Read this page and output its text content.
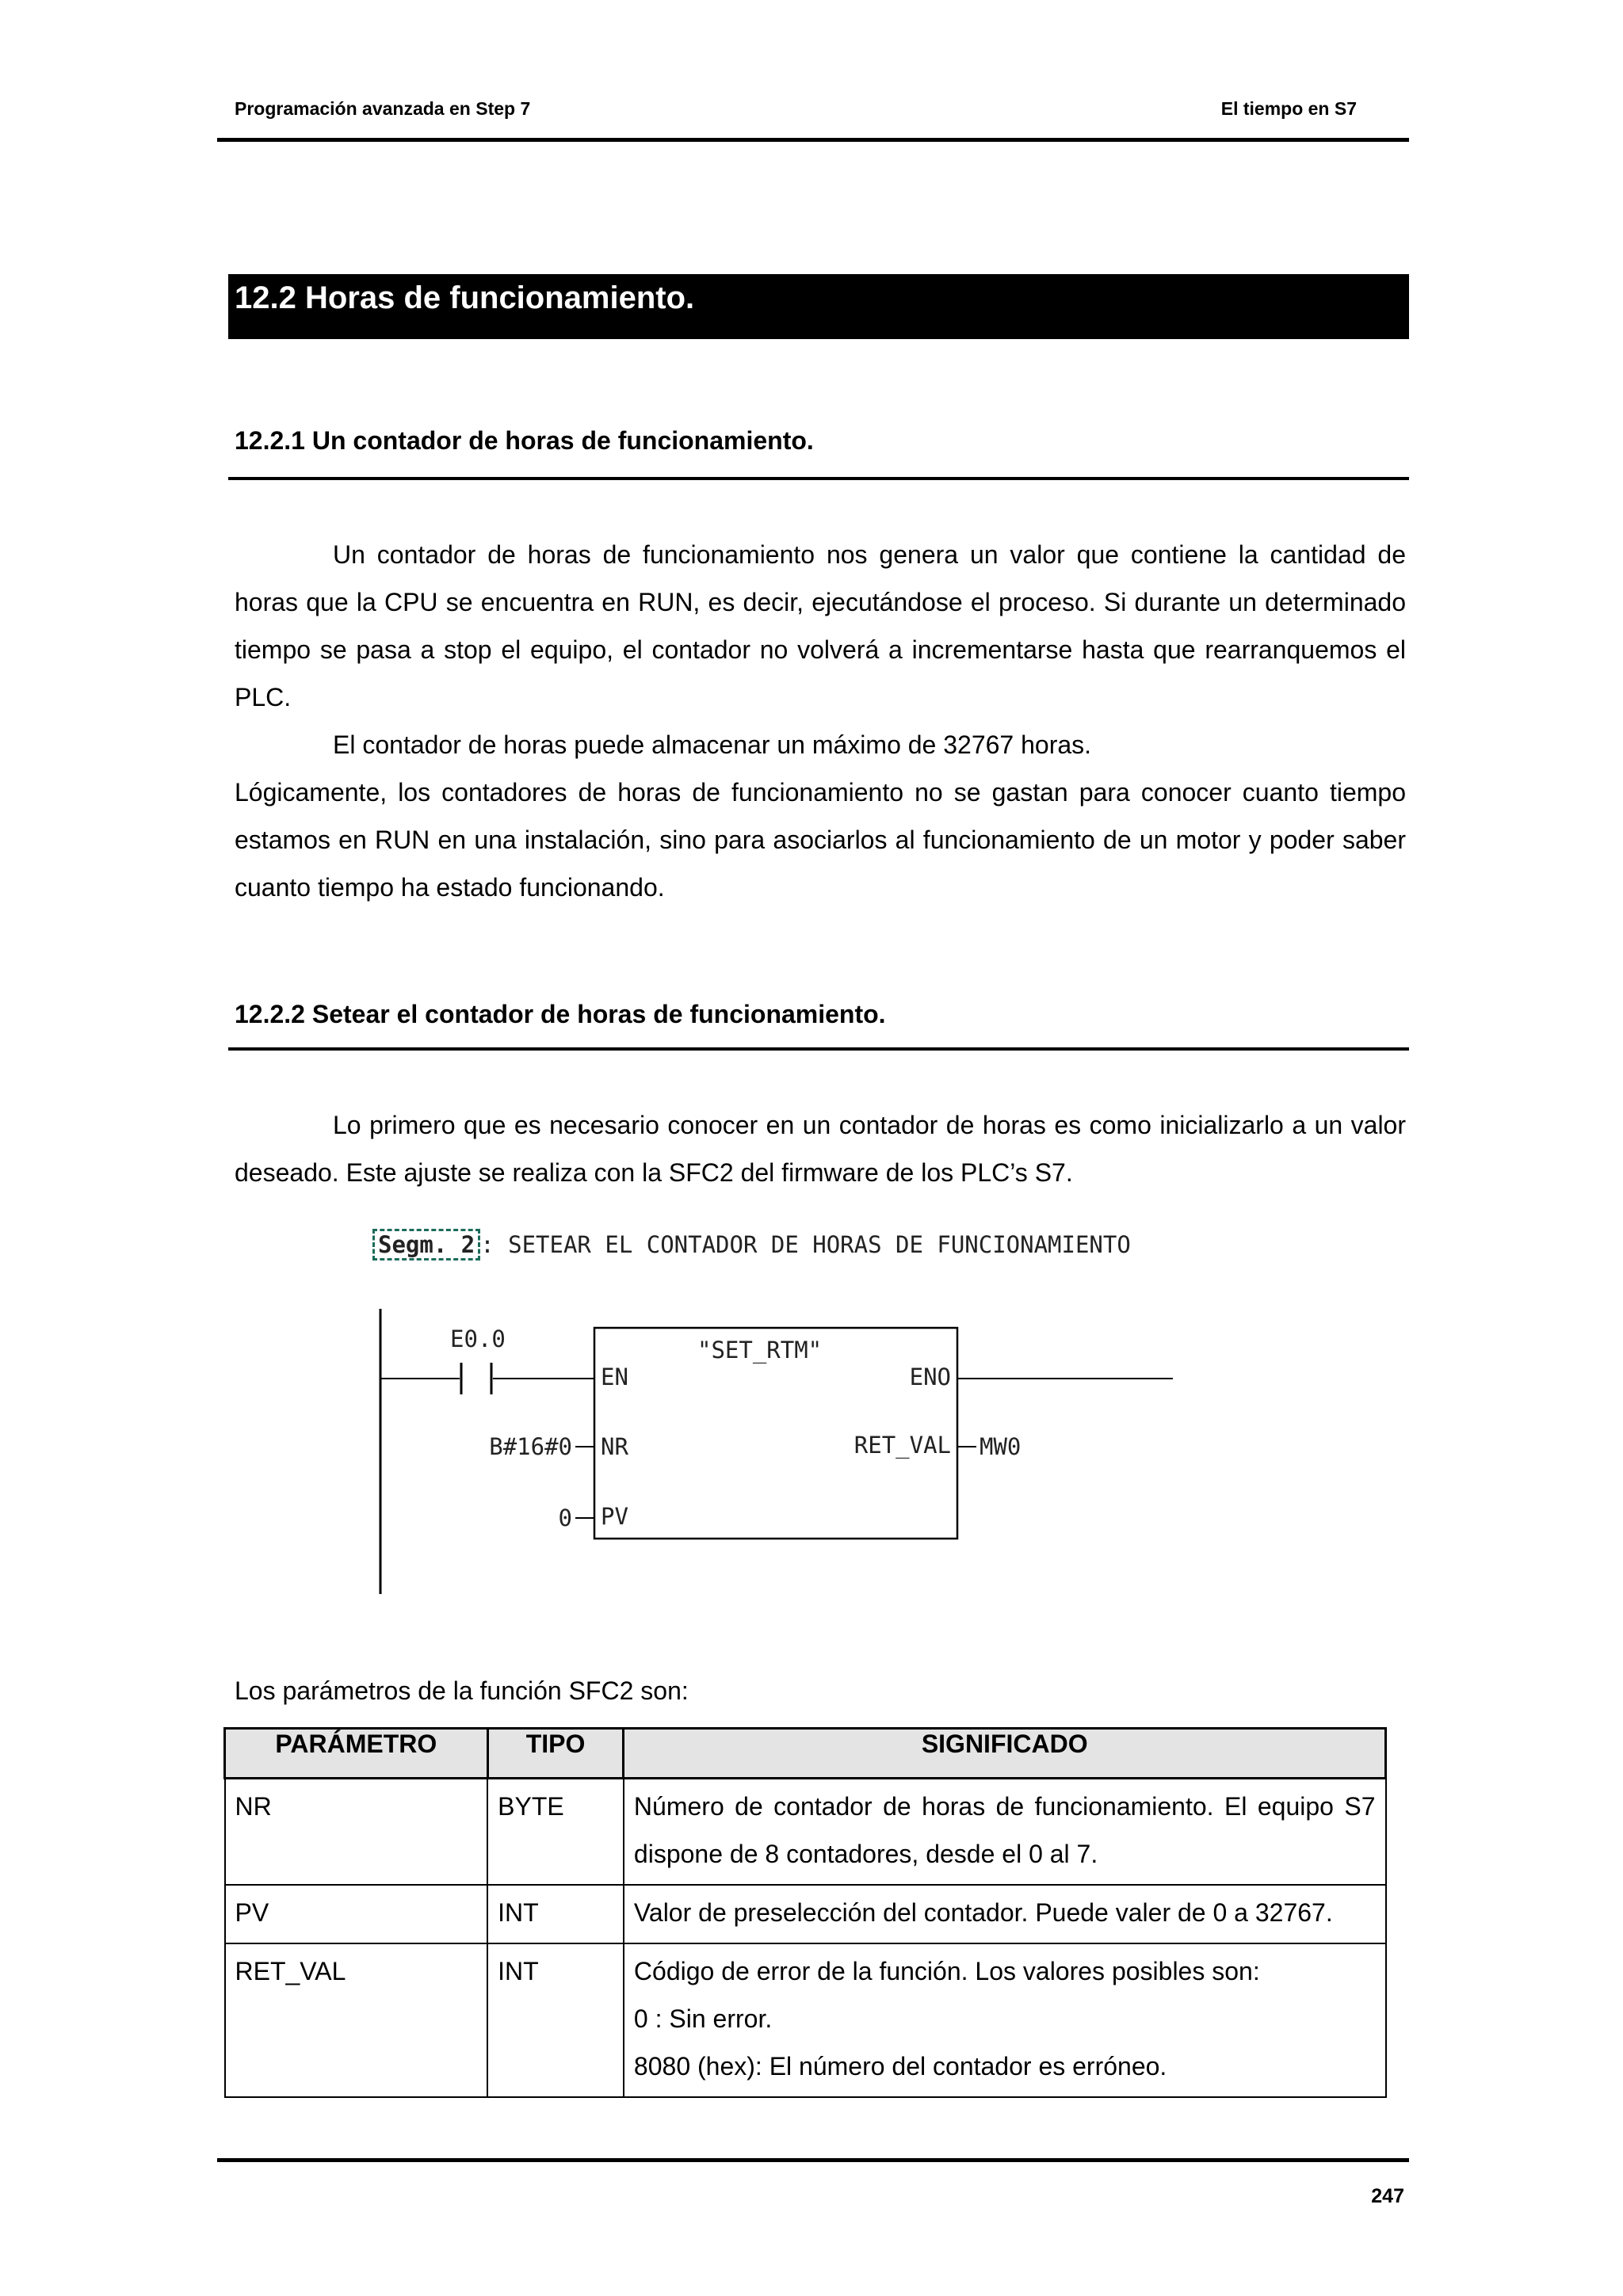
Programación avanzada en Step 7	El tiempo en S7
12.2 Horas de funcionamiento.
12.2.1 Un contador de horas de funcionamiento.

Un contador de horas de funcionamiento nos genera un valor que contiene la cantidad de horas que la CPU se encuentra en RUN, es decir, ejecutándose el proceso. Si durante un determinado tiempo se pasa a stop el equipo, el contador no volverá a incrementarse hasta que rearranquemos el PLC.

El contador de horas puede almacenar un máximo de 32767 horas.

Lógicamente, los contadores de horas de funcionamiento no se gastan para conocer cuanto tiempo estamos en RUN en una instalación, sino para asociarlos al funcionamiento de un motor y poder saber cuanto tiempo ha estado funcionando.

12.2.2 Setear el contador de horas de funcionamiento.

Lo primero que es necesario conocer en un contador de horas es como inicializarlo a un valor deseado. Este ajuste se realiza con la SFC2 del firmware de los PLC’s S7.

Segm. 2 : SETEAR EL CONTADOR DE HORAS DE FUNCIONAMIENTO
E0.0	"SET_RTM"
EN	ENO
NR	RET_VAL
PV
B#16#0
0
MW0
Los parámetros de la función SFC2 son:
PARÁMETRO	TIPO	SIGNIFICADO
NR	BYTE	Número de contador de horas de funcionamiento. El equipo S7 dispone de 8 contadores, desde el 0 al 7.

PV	INT	Valor de preselección del contador. Puede valer de 0 a 32767.

RET_VAL	INT	Código de error de la función. Los valores posibles son:
0 : Sin error.
8080 (hex): El número del contador es erróneo.
247
